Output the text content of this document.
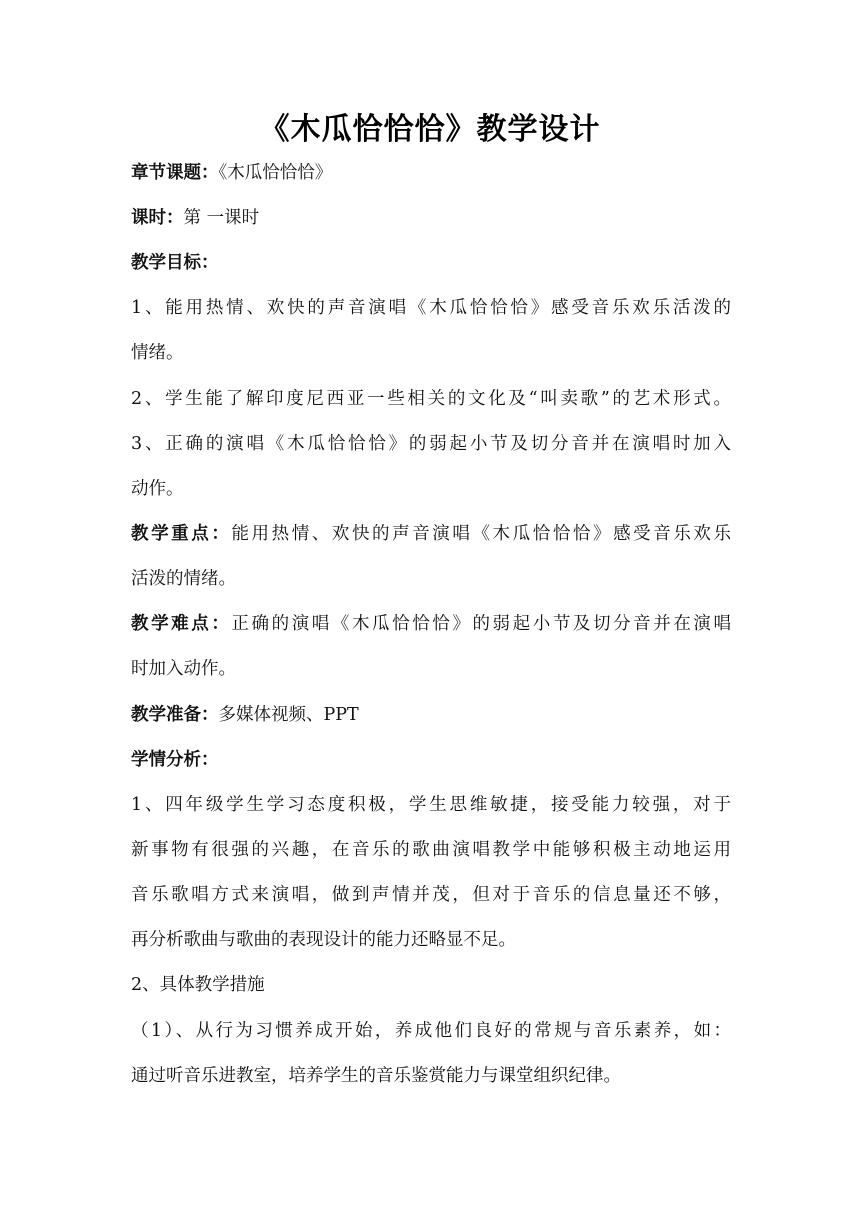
《木瓜恰恰恰》教学设计
章节课题：《木瓜恰恰恰》
课时：第 一课时
教学目标：
1、能用热情、欢快的声音演唱《木瓜恰恰恰》感受音乐欢乐活泼的
情绪。
2、学生能了解印度尼西亚一些相关的文化及“叫卖歌”的艺术形式。
3、正确的演唱《木瓜恰恰恰》的弱起小节及切分音并在演唱时加入
动作。
教学重点：能用热情、欢快的声音演唱《木瓜恰恰恰》感受音乐欢乐
活泼的情绪。
教学难点：正确的演唱《木瓜恰恰恰》的弱起小节及切分音并在演唱
时加入动作。
教学准备：多媒体视频、PPT
学情分析：
1、四年级学生学习态度积极，学生思维敏捷，接受能力较强，对于
新事物有很强的兴趣，在音乐的歌曲演唱教学中能够积极主动地运用
音乐歌唱方式来演唱，做到声情并茂，但对于音乐的信息量还不够，
再分析歌曲与歌曲的表现设计的能力还略显不足。
2、具体教学措施
（1）、从行为习惯养成开始，养成他们良好的常规与音乐素养，如：
通过听音乐进教室，培养学生的音乐鉴赏能力与课堂组织纪律。
